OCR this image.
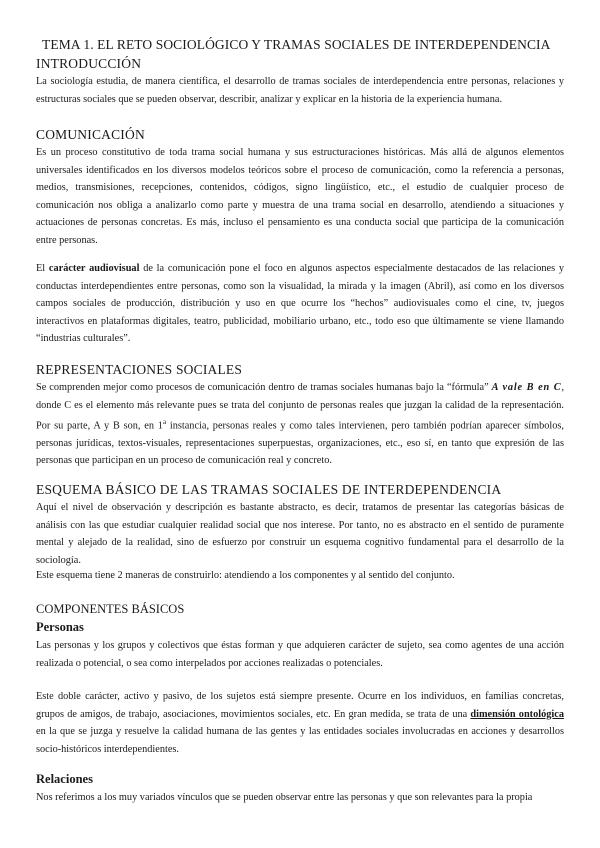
TEMA 1. EL RETO SOCIOLÓGICO Y TRAMAS SOCIALES DE INTERDEPENDENCIA
INTRODUCCIÓN

La sociología estudia, de manera científica, el desarrollo de tramas sociales de interdependencia entre personas, relaciones y estructuras sociales que se pueden observar, describir, analizar y explicar en la historia de la experiencia humana.

COMUNICACIÓN

Es un proceso constitutivo de toda trama social humana y sus estructuraciones históricas. Más allá de algunos elementos universales identificados en los diversos modelos teóricos sobre el proceso de comunicación, como la referencia a personas, medios, transmisiones, recepciones, contenidos, códigos, signo lingüístico, etc., el estudio de cualquier proceso de comunicación nos obliga a analizarlo como parte y muestra de una trama social en desarrollo, atendiendo a situaciones y actuaciones de personas concretas. Es más, incluso el pensamiento es una conducta social que participa de la comunicación entre personas.

El carácter audiovisual de la comunicación pone el foco en algunos aspectos especialmente destacados de las relaciones y conductas interdependientes entre personas, como son la visualidad, la mirada y la imagen (Abril), así como en los diversos campos sociales de producción, distribución y uso en que ocurre los “hechos” audiovisuales como el cine, tv, juegos interactivos en plataformas digitales, teatro, publicidad, mobiliario urbano, etc., todo eso que últimamente se viene llamando “industrias culturales”.

REPRESENTACIONES SOCIALES

Se comprenden mejor como procesos de comunicación dentro de tramas sociales humanas bajo la “fórmula” A vale B en C, donde C es el elemento más relevante pues se trata del conjunto de personas reales que juzgan la calidad de la representación. Por su parte, A y B son, en 1$^a$ instancia, personas reales y como tales intervienen, pero también podrían aparecer símbolos, personas jurídicas, textos-visuales, representaciones superpuestas, organizaciones, etc., eso sí, en tanto que expresión de las personas que participan en un proceso de comunicación real y concreto.

ESQUEMA BÁSICO DE LAS TRAMAS SOCIALES DE INTERDEPENDENCIA

Aquí el nivel de observación y descripción es bastante abstracto, es decir, tratamos de presentar las categorías básicas de análisis con las que estudiar cualquier realidad social que nos interese. Por tanto, no es abstracto en el sentido de puramente mental y alejado de la realidad, sino de esfuerzo por construir un esquema cognitivo fundamental para el desarrollo de la sociología.

Este esquema tiene 2 maneras de construirlo: atendiendo a los componentes y al sentido del conjunto.

COMPONENTES BÁSICOS
Personas

Las personas y los grupos y colectivos que éstas forman y que adquieren carácter de sujeto, sea como agentes de una acción realizada o potencial, o sea como interpelados por acciones realizadas o potenciales.

Este doble carácter, activo y pasivo, de los sujetos está siempre presente. Ocurre en los individuos, en familias concretas, grupos de amigos, de trabajo, asociaciones, movimientos sociales, etc. En gran medida, se trata de una dimensión ontológica en la que se juzga y resuelve la calidad humana de las gentes y las entidades sociales involucradas en acciones y desarrollos socio-históricos interdependientes.

Relaciones

Nos referimos a los muy variados vínculos que se pueden observar entre las personas y que son relevantes para la propia
